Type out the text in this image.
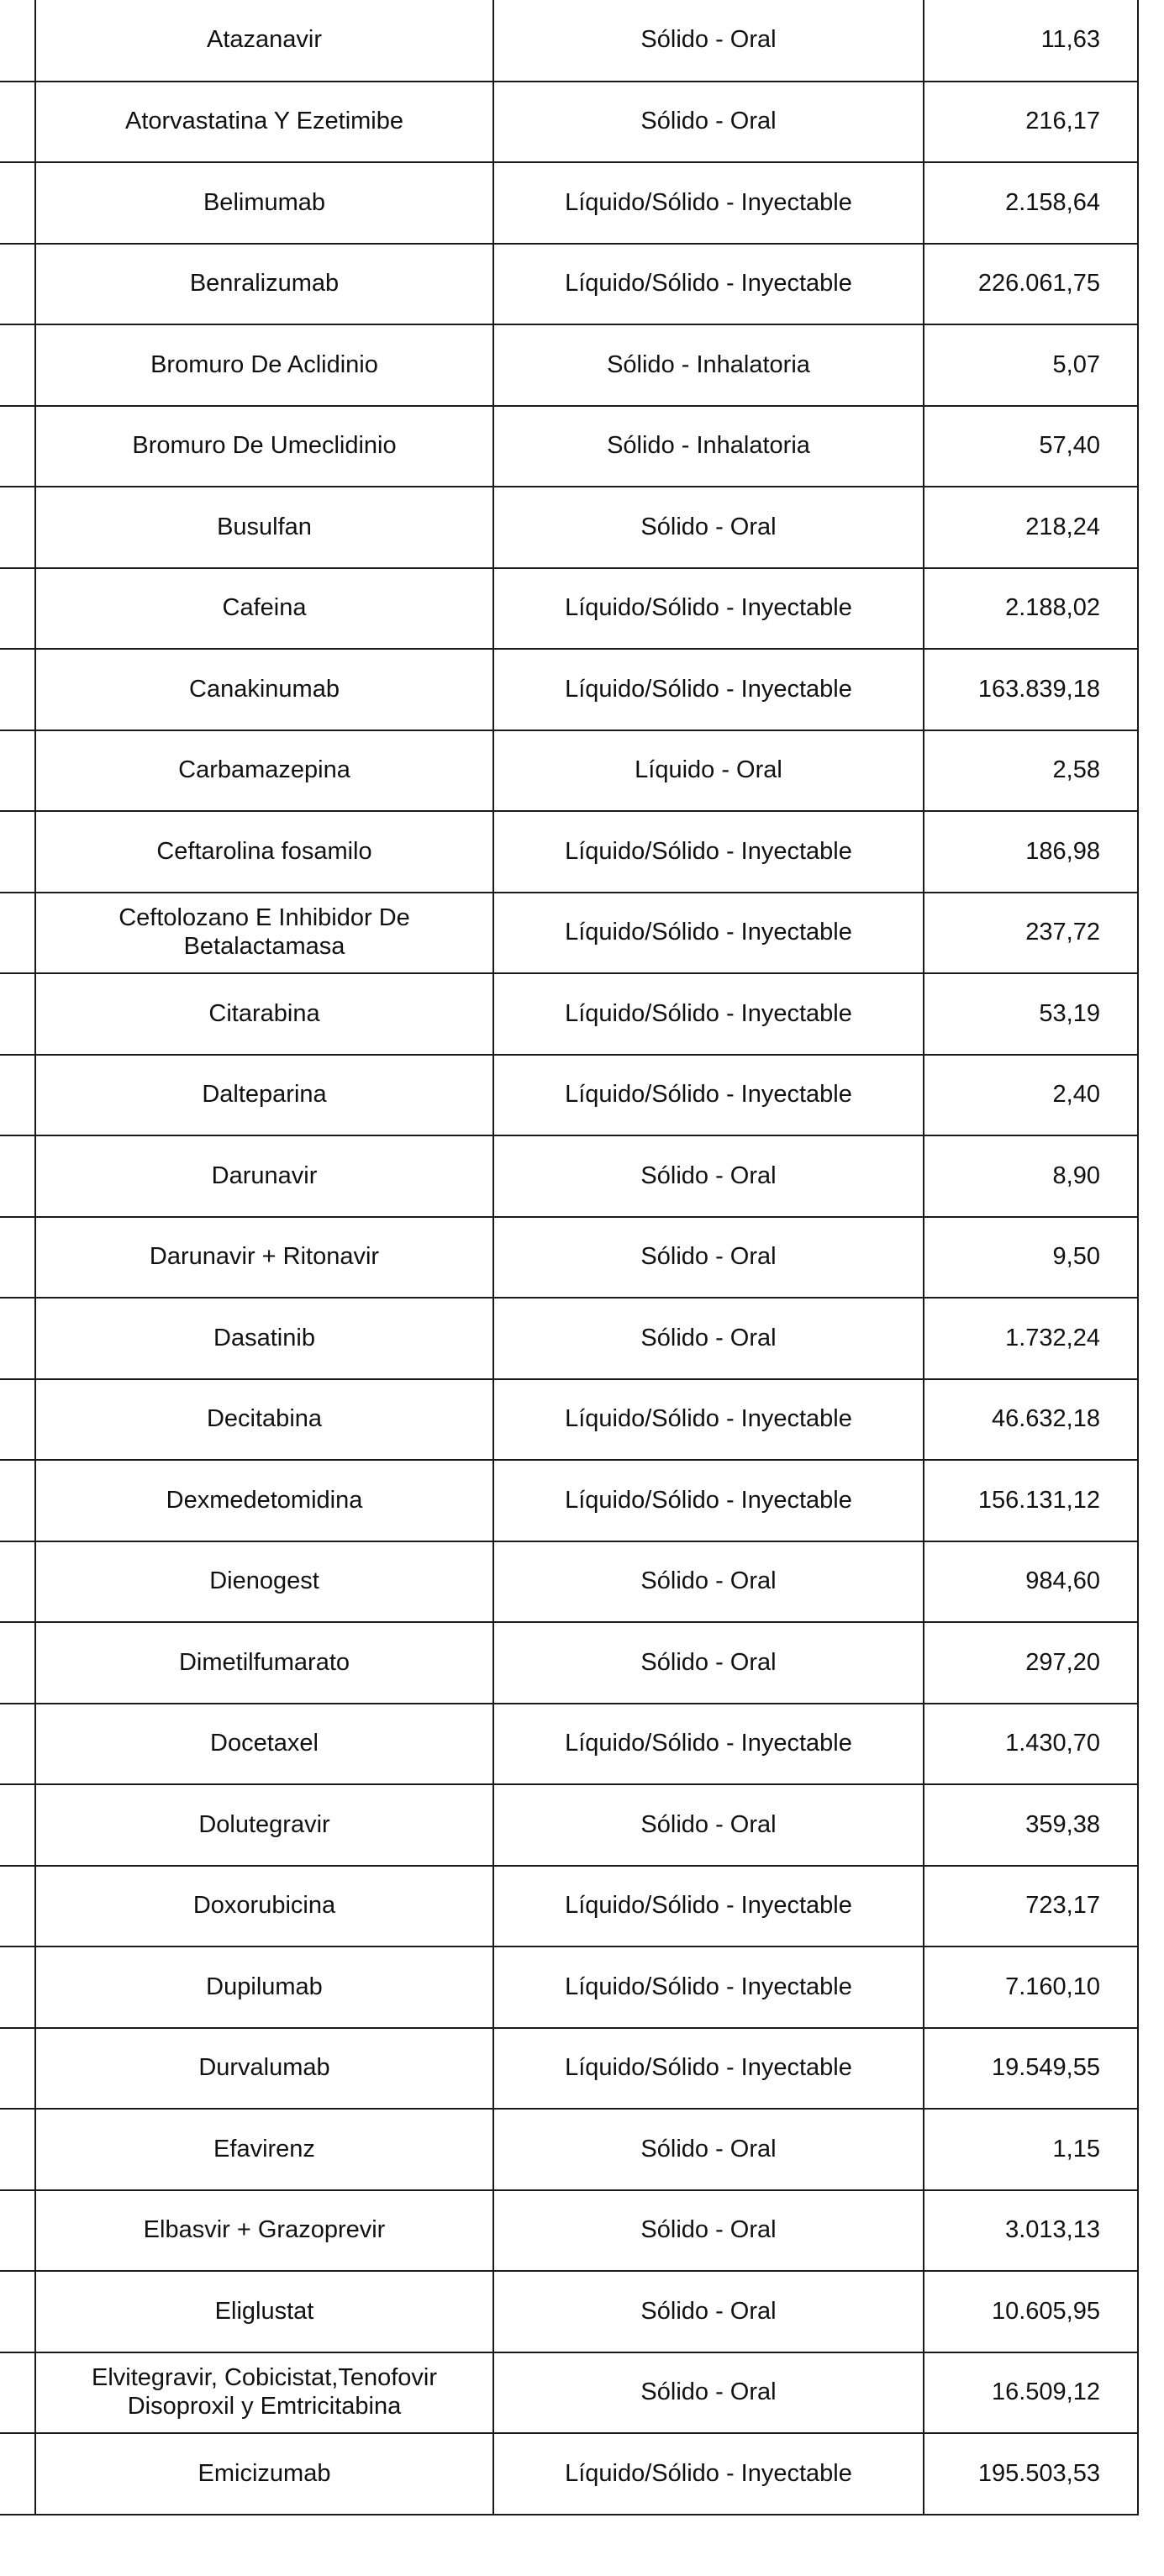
	Atazanavir	Sólido - Oral	11,63
	Atorvastatina Y Ezetimibe	Sólido - Oral	216,17
	Belimumab	Líquido/Sólido - Inyectable	2.158,64
	Benralizumab	Líquido/Sólido - Inyectable	226.061,75
	Bromuro De Aclidinio	Sólido - Inhalatoria	5,07
	Bromuro De Umeclidinio	Sólido - Inhalatoria	57,40
	Busulfan	Sólido - Oral	218,24
	Cafeina	Líquido/Sólido - Inyectable	2.188,02
	Canakinumab	Líquido/Sólido - Inyectable	163.839,18
	Carbamazepina	Líquido - Oral	2,58
	Ceftarolina fosamilo	Líquido/Sólido - Inyectable	186,98
	Ceftolozano E Inhibidor De Betalactamasa	Líquido/Sólido - Inyectable	237,72
	Citarabina	Líquido/Sólido - Inyectable	53,19
	Dalteparina	Líquido/Sólido - Inyectable	2,40
	Darunavir	Sólido - Oral	8,90
	Darunavir + Ritonavir	Sólido - Oral	9,50
	Dasatinib	Sólido - Oral	1.732,24
	Decitabina	Líquido/Sólido - Inyectable	46.632,18
	Dexmedetomidina	Líquido/Sólido - Inyectable	156.131,12
	Dienogest	Sólido - Oral	984,60
	Dimetilfumarato	Sólido - Oral	297,20
	Docetaxel	Líquido/Sólido - Inyectable	1.430,70
	Dolutegravir	Sólido - Oral	359,38
	Doxorubicina	Líquido/Sólido - Inyectable	723,17
	Dupilumab	Líquido/Sólido - Inyectable	7.160,10
	Durvalumab	Líquido/Sólido - Inyectable	19.549,55
	Efavirenz	Sólido - Oral	1,15
	Elbasvir + Grazoprevir	Sólido - Oral	3.013,13
	Eliglustat	Sólido - Oral	10.605,95
	Elvitegravir, Cobicistat,Tenofovir Disoproxil y Emtricitabina	Sólido - Oral	16.509,12
	Emicizumab	Líquido/Sólido - Inyectable	195.503,53
